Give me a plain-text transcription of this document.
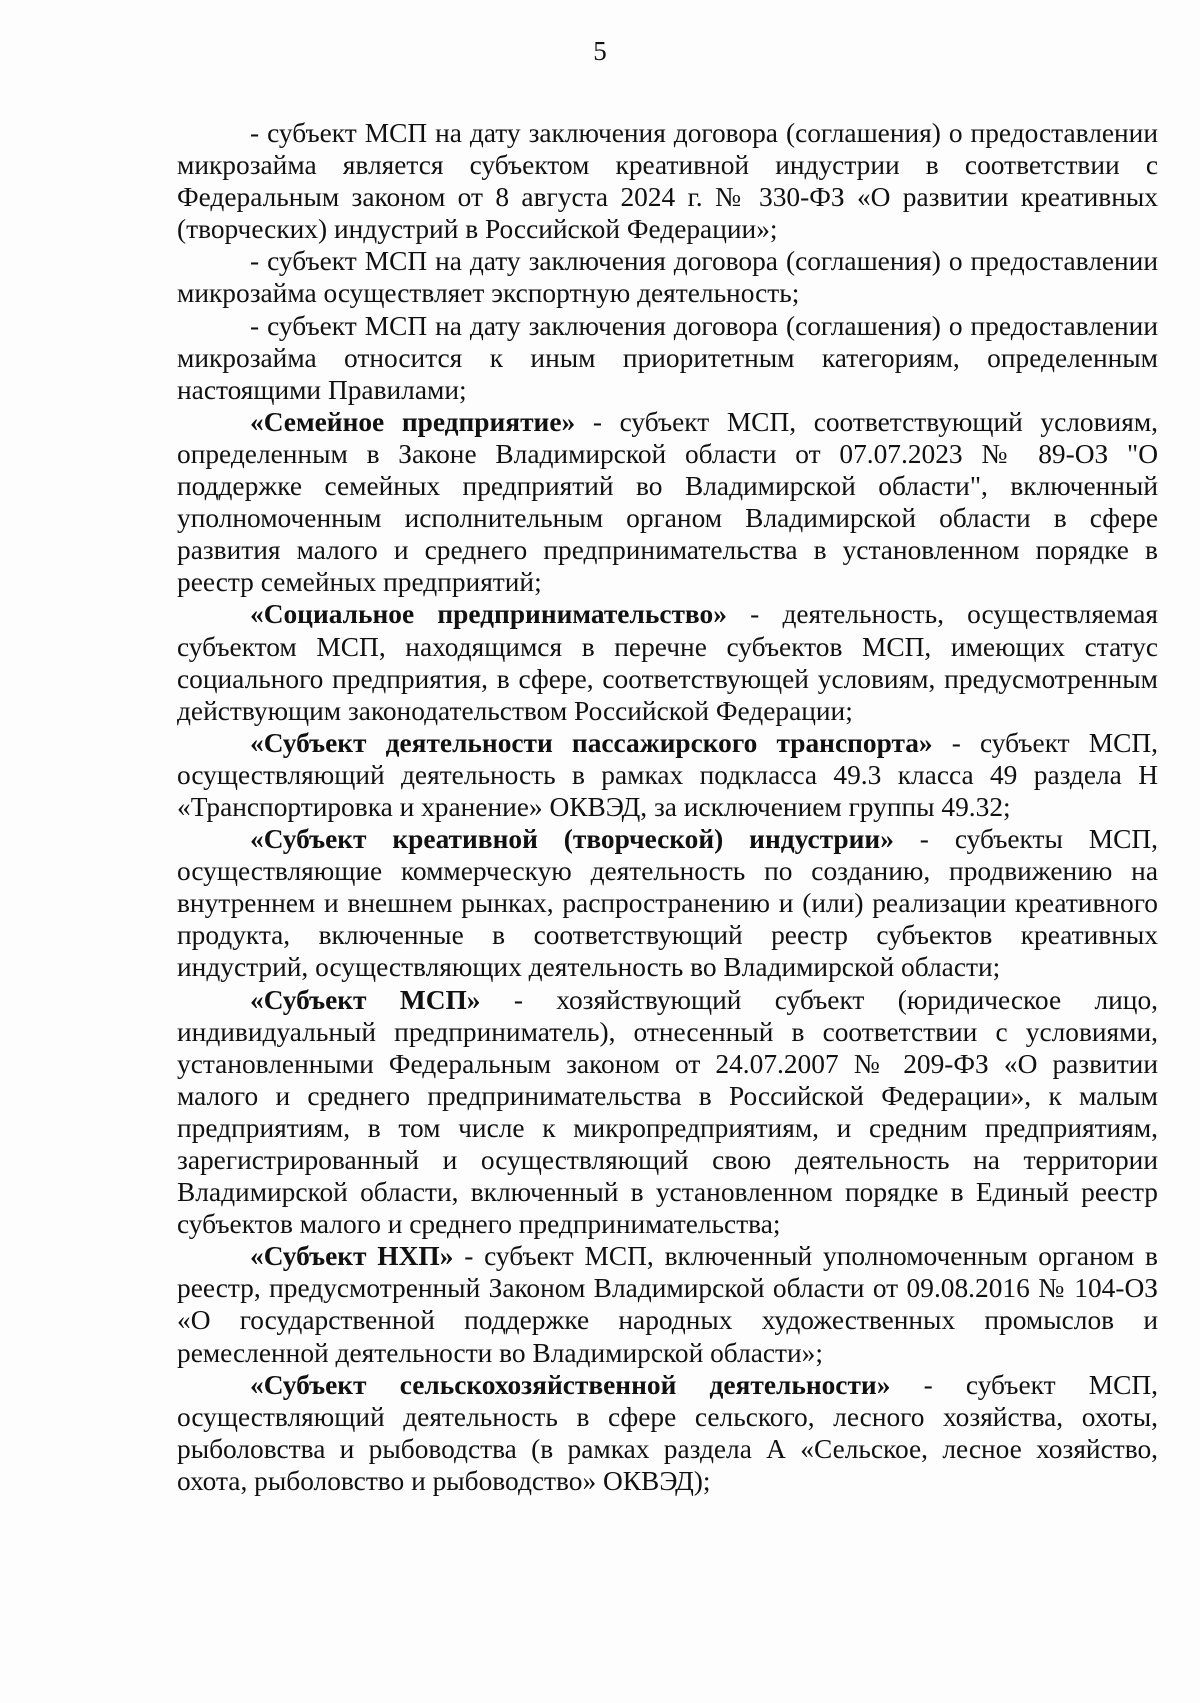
5

- субъект МСП на дату заключения договора (соглашения) о предоставлении микрозайма является субъектом креативной индустрии в соответствии с Федеральным законом от 8 августа 2024 г. № 330-ФЗ «О развитии креативных (творческих) индустрий в Российской Федерации»;

- субъект МСП на дату заключения договора (соглашения) о предоставлении микрозайма осуществляет экспортную деятельность;

- субъект МСП на дату заключения договора (соглашения) о предоставлении микрозайма относится к иным приоритетным категориям, определенным настоящими Правилами;

«Семейное предприятие» - субъект МСП, соответствующий условиям, определенным в Законе Владимирской области от 07.07.2023 № 89-ОЗ "О поддержке семейных предприятий во Владимирской области", включенный уполномоченным исполнительным органом Владимирской области в сфере развития малого и среднего предпринимательства в установленном порядке в реестр семейных предприятий;

«Социальное предпринимательство» - деятельность, осуществляемая субъектом МСП, находящимся в перечне субъектов МСП, имеющих статус социального предприятия, в сфере, соответствующей условиям, предусмотренным действующим законодательством Российской Федерации;

«Субъект деятельности пассажирского транспорта» - субъект МСП, осуществляющий деятельность в рамках подкласса 49.3 класса 49 раздела Н «Транспортировка и хранение» ОКВЭД, за исключением группы 49.32;

«Субъект креативной (творческой) индустрии» - субъекты МСП, осуществляющие коммерческую деятельность по созданию, продвижению на внутреннем и внешнем рынках, распространению и (или) реализации креативного продукта, включенные в соответствующий реестр субъектов креативных индустрий, осуществляющих деятельность во Владимирской области;

«Субъект МСП» - хозяйствующий субъект (юридическое лицо, индивидуальный предприниматель), отнесенный в соответствии с условиями, установленными Федеральным законом от 24.07.2007 № 209-ФЗ «О развитии малого и среднего предпринимательства в Российской Федерации», к малым предприятиям, в том числе к микропредприятиям, и средним предприятиям, зарегистрированный и осуществляющий свою деятельность на территории Владимирской области, включенный в установленном порядке в Единый реестр субъектов малого и среднего предпринимательства;

«Субъект НХП» - субъект МСП, включенный уполномоченным органом в реестр, предусмотренный Законом Владимирской области от 09.08.2016 № 104-ОЗ «О государственной поддержке народных художественных промыслов и ремесленной деятельности во Владимирской области»;

«Субъект сельскохозяйственной деятельности» - субъект МСП, осуществляющий деятельность в сфере сельского, лесного хозяйства, охоты, рыболовства и рыбоводства (в рамках раздела А «Сельское, лесное хозяйство, охота, рыболовство и рыбоводство» ОКВЭД);
